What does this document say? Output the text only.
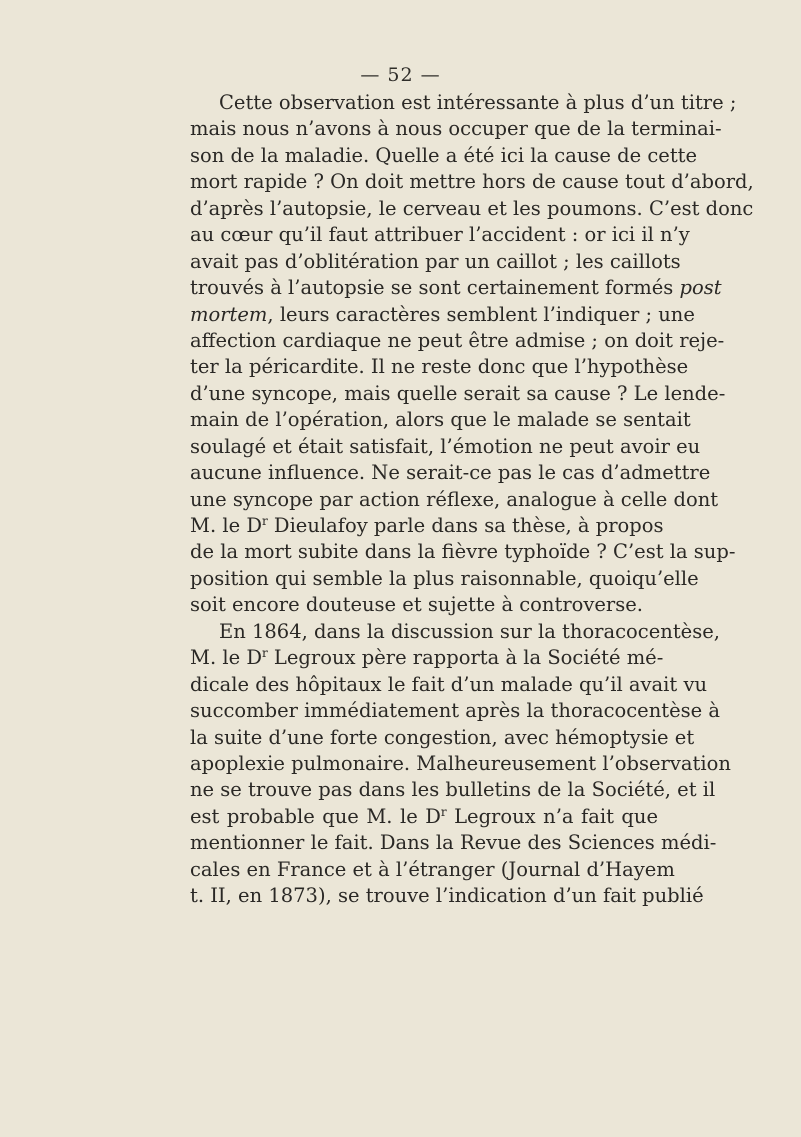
— 52 —
Cette observation est intéressante à plus d’un titre ;
mais nous n’avons à nous occuper que de la terminai-
son de la maladie. Quelle a été ici la cause de cette
mort rapide ? On doit mettre hors de cause tout d’abord,
d’après l’autopsie, le cerveau et les poumons. C’est donc
au cœur qu’il faut attribuer l’accident : or ici il n’y
avait pas d’oblitération par un caillot ; les caillots
trouvés à l’autopsie se sont certainement formés post
mortem, leurs caractères semblent l’indiquer ; une
affection cardiaque ne peut être admise ; on doit reje-
ter la péricardite. Il ne reste donc que l’hypothèse
d’une syncope, mais quelle serait sa cause ? Le lende-
main de l’opération, alors que le malade se sentait
soulagé et était satisfait, l’émotion ne peut avoir eu
aucune influence. Ne serait-ce pas le cas d’admettre
une syncope par action réflexe, analogue à celle dont
M. le $D^r$ Dieulafoy parle dans sa thèse, à propos
de la mort subite dans la fièvre typhoïde ? C’est la sup-
position qui semble la plus raisonnable, quoiqu’elle
soit encore douteuse et sujette à controverse.
En 1864, dans la discussion sur la thoracocentèse,
M. le $D^r$ Legroux père rapporta à la Société mé-
dicale des hôpitaux le fait d’un malade qu’il avait vu
succomber immédiatement après la thoracocentèse à
la suite d’une forte congestion, avec hémoptysie et
apoplexie pulmonaire. Malheureusement l’observation
ne se trouve pas dans les bulletins de la Société, et il
est probable que M. le $D^r$ Legroux n’a fait que
mentionner le fait. Dans la Revue des Sciences médi-
cales en France et à l’étranger (Journal d’Hayem
t. II, en 1873), se trouve l’indication d’un fait publié
